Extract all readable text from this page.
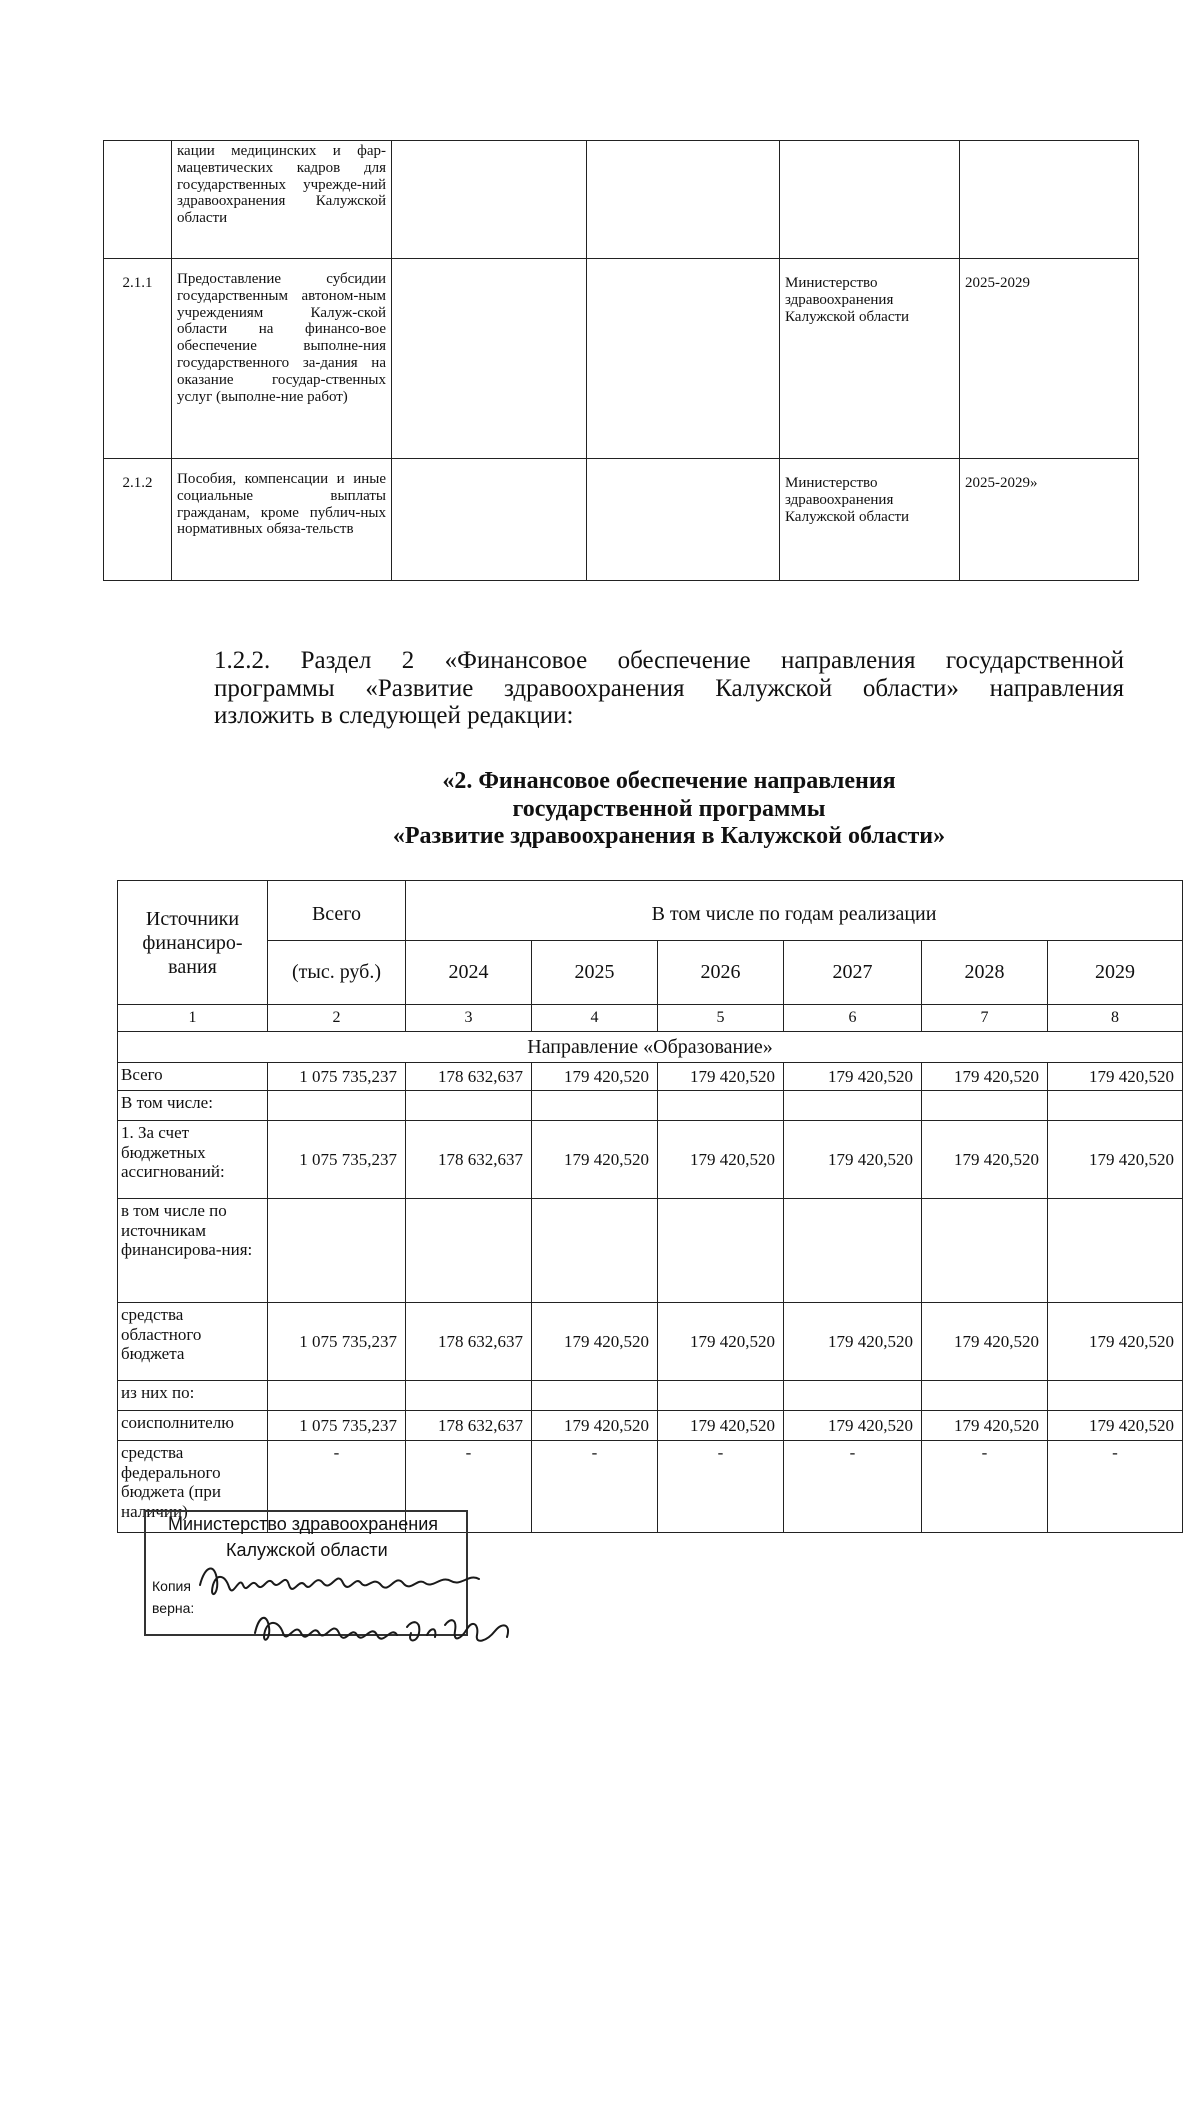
	кации медицинских и фар-мацевтических кадров для государственных учрежде-ний здравоохранения Калужской области				
2.1.1	Предоставление субсидии государственным автоном-ным учреждениям Калуж-ской области на финансо-вое обеспечение выполне-ния государственного за-дания на оказание государ-ственных услуг (выполне-ние работ)			Министерство здравоохранения Калужской области	2025-2029
2.1.2	Пособия, компенсации и иные социальные выплаты гражданам, кроме публич-ных нормативных обяза-тельств			Министерство здравоохранения Калужской области	2025-2029»
1.2.2. Раздел 2 «Финансовое обеспечение направления государственной
программы «Развитие здравоохранения Калужской области» направления
изложить в следующей редакции:
«2. Финансовое обеспечение направления
государственной программы
«Развитие здравоохранения в Калужской области»
Источники финансиро-вания	Всего	В том числе по годам реализации					
	(тыс. руб.)	2024	2025	2026	2027	2028	2029
1	2	3	4	5	6	7	8
Направление «Образование»							
Всего	1 075 735,237	178 632,637	179 420,520	179 420,520	179 420,520	179 420,520	179 420,520
В том числе:							
1. За счет бюджетных ассигнований:	1 075 735,237	178 632,637	179 420,520	179 420,520	179 420,520	179 420,520	179 420,520
в том числе по источникам финансирова-ния:							
средства областного бюджета	1 075 735,237	178 632,637	179 420,520	179 420,520	179 420,520	179 420,520	179 420,520
из них по:							
соисполнителю	1 075 735,237	178 632,637	179 420,520	179 420,520	179 420,520	179 420,520	179 420,520
средства федерального бюджета (при наличии)	-	-	-	-	-	-	-
Министерство здравоохранения
Калужской области
Копия
верна:
